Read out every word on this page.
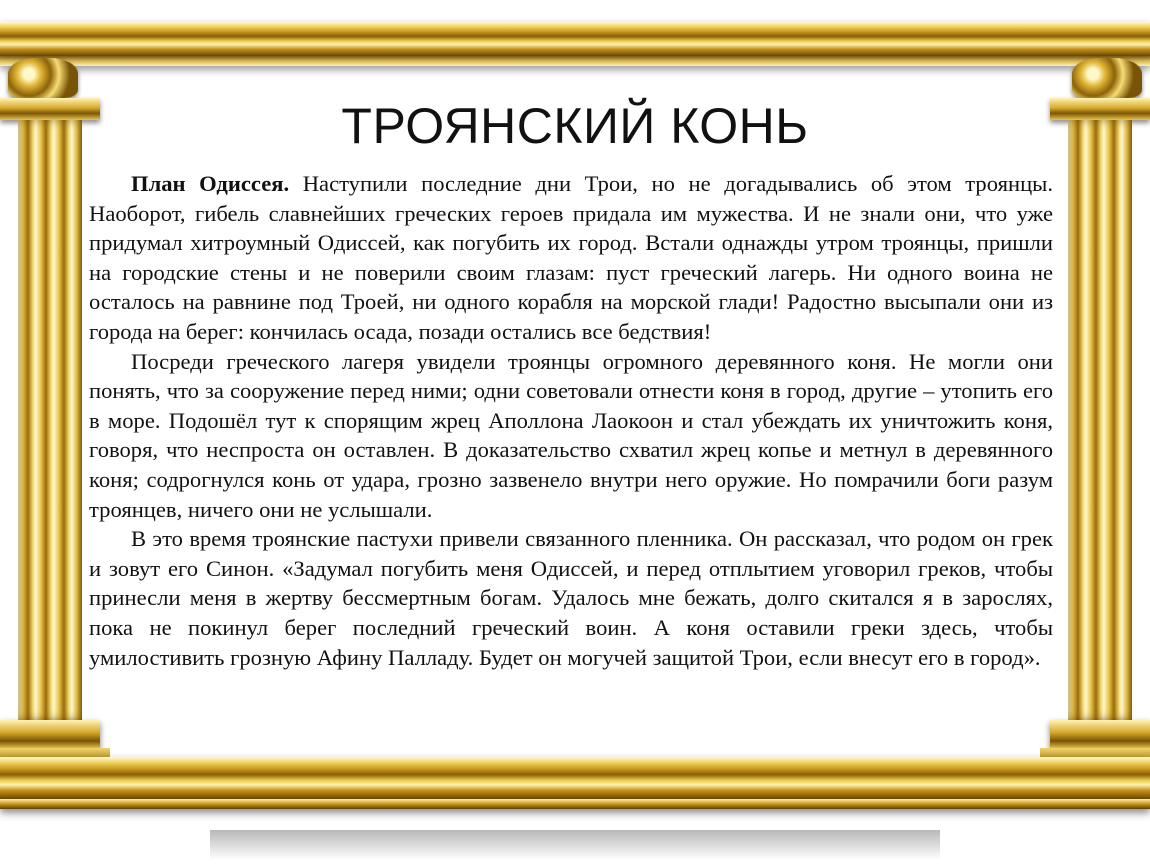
ТРОЯНСКИЙ КОНЬ

План Одиссея. Наступили последние дни Трои, но не догадывались об этом троянцы. Наоборот, гибель славнейших греческих героев придала им мужества. И не знали они, что уже придумал хитроумный Одиссей, как погубить их город. Встали однажды утром троянцы, пришли на городские стены и не поверили своим глазам: пуст греческий лагерь. Ни одного воина не осталось на равнине под Троей, ни одного корабля на морской глади! Радостно высыпали они из города на берег: кончилась осада, позади остались все бедствия!

Посреди греческого лагеря увидели троянцы огромного деревянного коня. Не могли они понять, что за сооружение перед ними; одни советовали отнести коня в город, другие – утопить его в море. Подошёл тут к спорящим жрец Аполлона Лаокоон и стал убеждать их уничтожить коня, говоря, что неспроста он оставлен. В доказательство схватил жрец копье и метнул в деревянного коня; содрогнулся конь от удара, грозно зазвенело внутри него оружие. Но помрачили боги разум троянцев, ничего они не услышали.

В это время троянские пастухи привели связанного пленника. Он рассказал, что родом он грек и зовут его Синон. «Задумал погубить меня Одиссей, и перед отплытием уговорил греков, чтобы принесли меня в жертву бессмертным богам. Удалось мне бежать, долго скитался я в зарослях, пока не покинул берег последний греческий воин. А коня оставили греки здесь, чтобы умилостивить грозную Афину Палладу. Будет он могучей защитой Трои, если внесут его в город».
